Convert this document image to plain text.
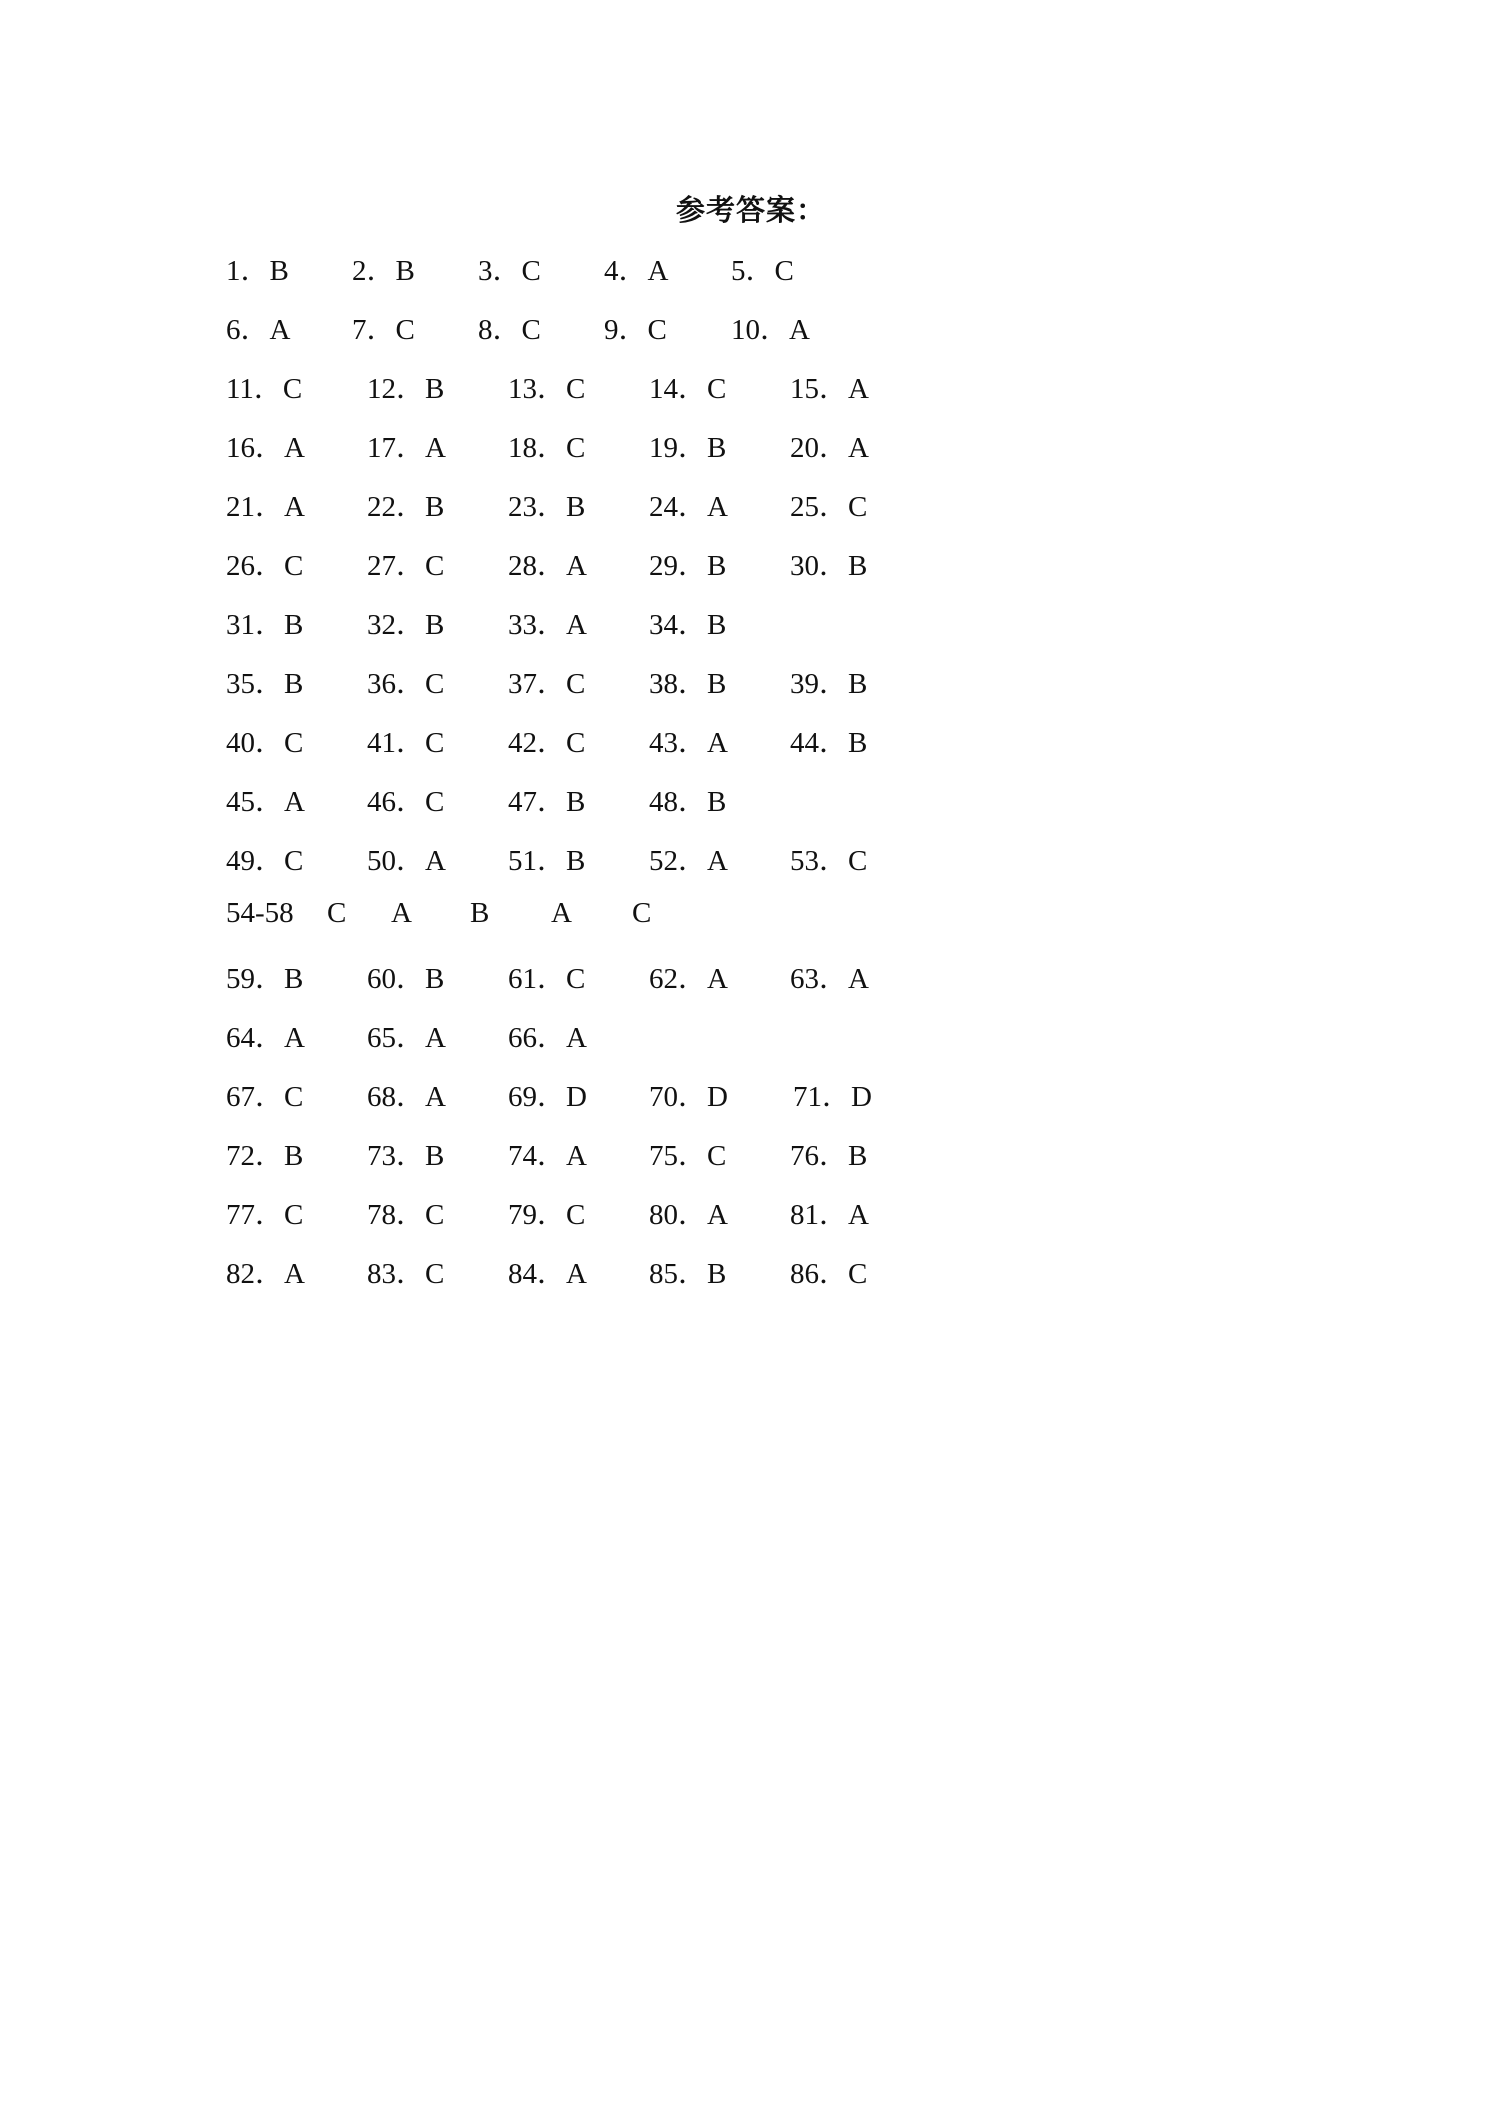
参考答案：
1．B 2．B 3．C 4．A 5．C
6．A 7．C 8．C 9．C 10．A
11．C 12．B 13．C 14．C 15．A
16．A 17．A 18．C 19．B 20．A
21．A 22．B 23．B 24．A 25．C
26．C 27．C 28．A 29．B 30．B
31．B 32．B 33．A 34．B
35．B 36．C 37．C 38．B 39．B
40．C 41．C 42．C 43．A 44．B
45．A 46．C 47．B 48．B
49．C 50．A 51．B 52．A 53．C
54-58 C A B A C
59．B 60．B 61．C 62．A 63．A
64．A 65．A 66．A
67．C 68．A 69．D 70．D 71．D
72．B 73．B 74．A 75．C 76．B
77．C 78．C 79．C 80．A 81．A
82．A 83．C 84．A 85．B 86．C
